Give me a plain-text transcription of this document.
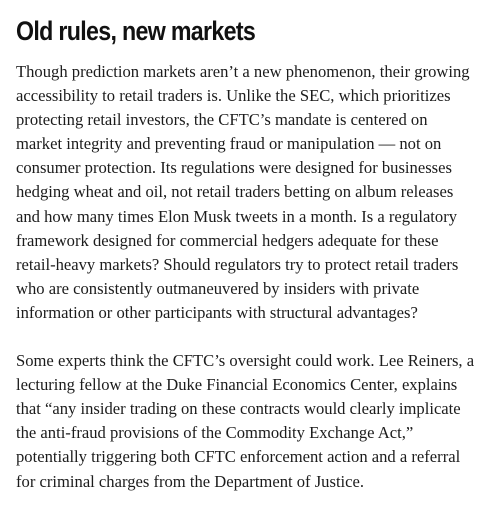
Old rules, new markets

Though prediction markets aren’t a new phenomenon, their growing
accessibility to retail traders is. Unlike the SEC, which prioritizes
protecting retail investors, the CFTC’s mandate is centered on
market integrity and preventing fraud or manipulation — not on
consumer protection. Its regulations were designed for businesses
hedging wheat and oil, not retail traders betting on album releases
and how many times Elon Musk tweets in a month. Is a regulatory
framework designed for commercial hedgers adequate for these
retail-heavy markets? Should regulators try to protect retail traders
who are consistently outmaneuvered by insiders with private
information or other participants with structural advantages?

Some experts think the CFTC’s oversight could work. Lee Reiners, a
lecturing fellow at the Duke Financial Economics Center, explains
that “any insider trading on these contracts would clearly implicate
the anti-fraud provisions of the Commodity Exchange Act,”
potentially triggering both CFTC enforcement action and a referral
for criminal charges from the Department of Justice.
